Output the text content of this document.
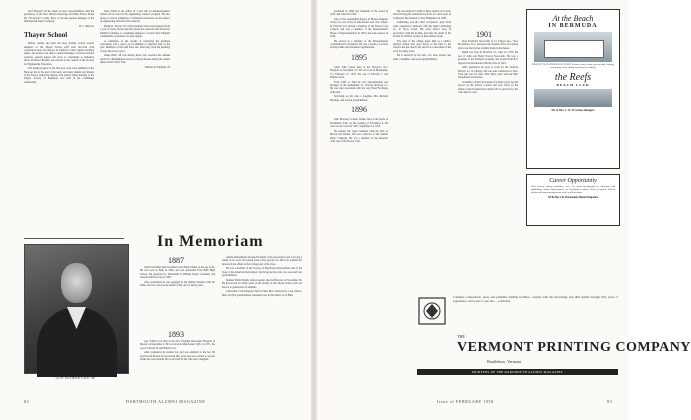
Rolf Eliassen '34 has taken on new responsibilities with the presidency of the New Orleans Sewerage and Water Board. Frank Ely '30 moved to Lima, Peru, to become general manager of the International Paper Company.

H. C. Marston
Thayer School

Before, during and after the busy holiday season several members of the Thayer School staff were involved with conferences here and abroad. In addition to their regular teaching duties, the faculty took time to attend meetings of several national societies, present papers and serve as consultants to industrial firms. Professor Bradley was elected to the council of the Society for Engineering Education.

The design projects of the first-year class were exhibited at the Hanover Inn at the end of the term, and many alumni and friends of the School visited the display. The annual winter meeting of the Thayer Society of Engineers was held in the Cummings Auditorium.

Dean Tribus is the author of a new text on thermodynamics which will be used in the engineering sciences program. He also spoke at several gatherings of industrial executives on the subject of engineering education and research.

Ronald L. Bower '55 of the Graduate School has returned from a year of study abroad and has joined the research staff. Professor Kimball continues as consulting engineer to several New England communities on matters of water supply.

A committee of the faculty is reviewing the graduate curriculum, and a report on its findings is expected later in the year. Members of the staff have also been busy with the planning of new laboratory space.

James Halls '48 was among those who received the Alumni Award for distinguished service to the profession during the annual dinner held in New York.

William P. Kimball '29
In Memoriam
GUY WILBUR COX '90
1887

John Porter Bell died November 14 in Bath, Maine, at the age of 92. He was born in Bath in 1865, and was graduated from Bath High School. He prepared for Dartmouth at Phillips Exeter Academy and entered with the class of 1887.

After graduation he was engaged in the lumber business with his father and was active in the affairs of his city for many years.

1893

Guy Wilbur Cox died at the New England Deaconess Hospital in Boston on December 2. He was born in Manchester, N.H., in 1871, the son of Charles W. and Harriet Cox.

After graduation he studied law and was admitted to the bar. He practiced in Boston for more than fifty years and was counsel to several banks and corporations. He is survived by his wife and a daughter.

Adams immediately became President of the Association and was long a leader in its work. He retired from active practice in 1945 but retained his interest in the affairs of the College and of his class.

He was a member of the Society of Mayflower Descendants and of the Sons of the American Revolution. Surviving are his wife, two sons and four grandchildren.

Sumner Wells Wright, retired teacher, died in Hanover on November 28. He had served for many years on the faculty of the Choate School and was known to generations of students.

John Dana's wife Margaret died in 1940. He is survived by a son, John S. Bell, and five grandchildren. Interment was in the family lot at Bath.

82	DARTMOUTH ALUMNI MAGAZINE

graduated in 1898 and chairman of the board in 1945, and retired in 1950.

One of the outstanding figures in Boston business circles, he was active in educational and civic affairs. In 1910 he was elected a member of the Boston City Council, and was a member of the Massachusetts House of Representatives in 1916, and state senator in 1918.

He served as a member of the Massachusetts Constitutional Convention. He was a trustee of several savings banks and charitable organizations.

1895

Allen John Crewe died at the Newport, R.I., Hospital on November 15. He was born in Montpelier, Vt., February 17, 1873, the son of Edward C. and Emma Crewe.

From 1895 to 1920 he was superintendent and manager of the Springfield, Vt., Electric Railway Co. He was later associated with the Gay Bond Exchange in Boston.

Surviving are his wife, a daughter, Mrs. Richard Hastings, and several grandchildren.

1896

John Brackett Crosbie Walker died at his home in Northfield, N.H., on the evening of November 8. He was born in Concord, N.H., September 14, 1874.

He entered the paper business with the firm of Brown and Walker, and was a director of the Gilman Paper Company. He was a member of the Masonic order and of the Rotary Club.

He was married in 1900 to Mary Sexton of Lowell, and following his retirement he lived for some years in California. He returned to New Hampshire in 1940.

Lumbering was his chief occupation, apart from some operations connected with the Saint Lumbering Co. in Nova Scotia. His early efforts were in association with his brother, and after the death of his brother in 1930 he carried on the business alone.

The men of his village knew him as a public-spirited citizen who gave freely of his time to the schools and the church. He served as a selectman of the town for many years.

He is survived by his wife, two sons, Robert and John, a daughter, and seven grandchildren.

1901

Ross Frederick Newcomb of 15 Clinton Ave., New Providence, N.J., answered the Alumni office last spring and wrote that he has a family home in Rochester.

Ralph was born in Norwich, Vt., June 12, 1879, the son of John and Betsy Norton Newcomb. He was a graduate of the Vermont Academy and received the B.S. degree from Dartmouth with the class of 1901.

After graduation he went to work for the Western Electric Co. in Chicago. He was later transferred to New York and was for more than thirty years with the Bell Telephone Laboratories.

A member of New Providence for many years, he had served on the School Council and was active in the affairs of the Presbyterian Church. He is survived by his wife and two sons.

Issue of FEBRUARY 1958	83
At the Beach
IN BERMUDA
PERFECT OCEANSIDE LOCATION. Private beach, tennis, golf nearby. Sailing, swimming, water skiing and deep-sea fishing.
the Reefs
BEACH CLUB
Mr. & Mrs. C. W. W. Grinn, Managers
Career Opportunity
Well known college publisher, over 30, good background in education and publishing, wants representative for Northeast territory. Travel required. Liberal salary and bonus arrangement with excellent future.
Write Box 142, Dartmouth Alumni Magazine
Complete composition, press and pamphlet binding facilities, coupled with the knowledge and skill gained through fifty years of experience, can be put to your use — profitably.
THE
VERMONT PRINTING COMPANY
Brattleboro, Vermont
PRINTERS OF THE DARTMOUTH ALUMNI MAGAZINE
